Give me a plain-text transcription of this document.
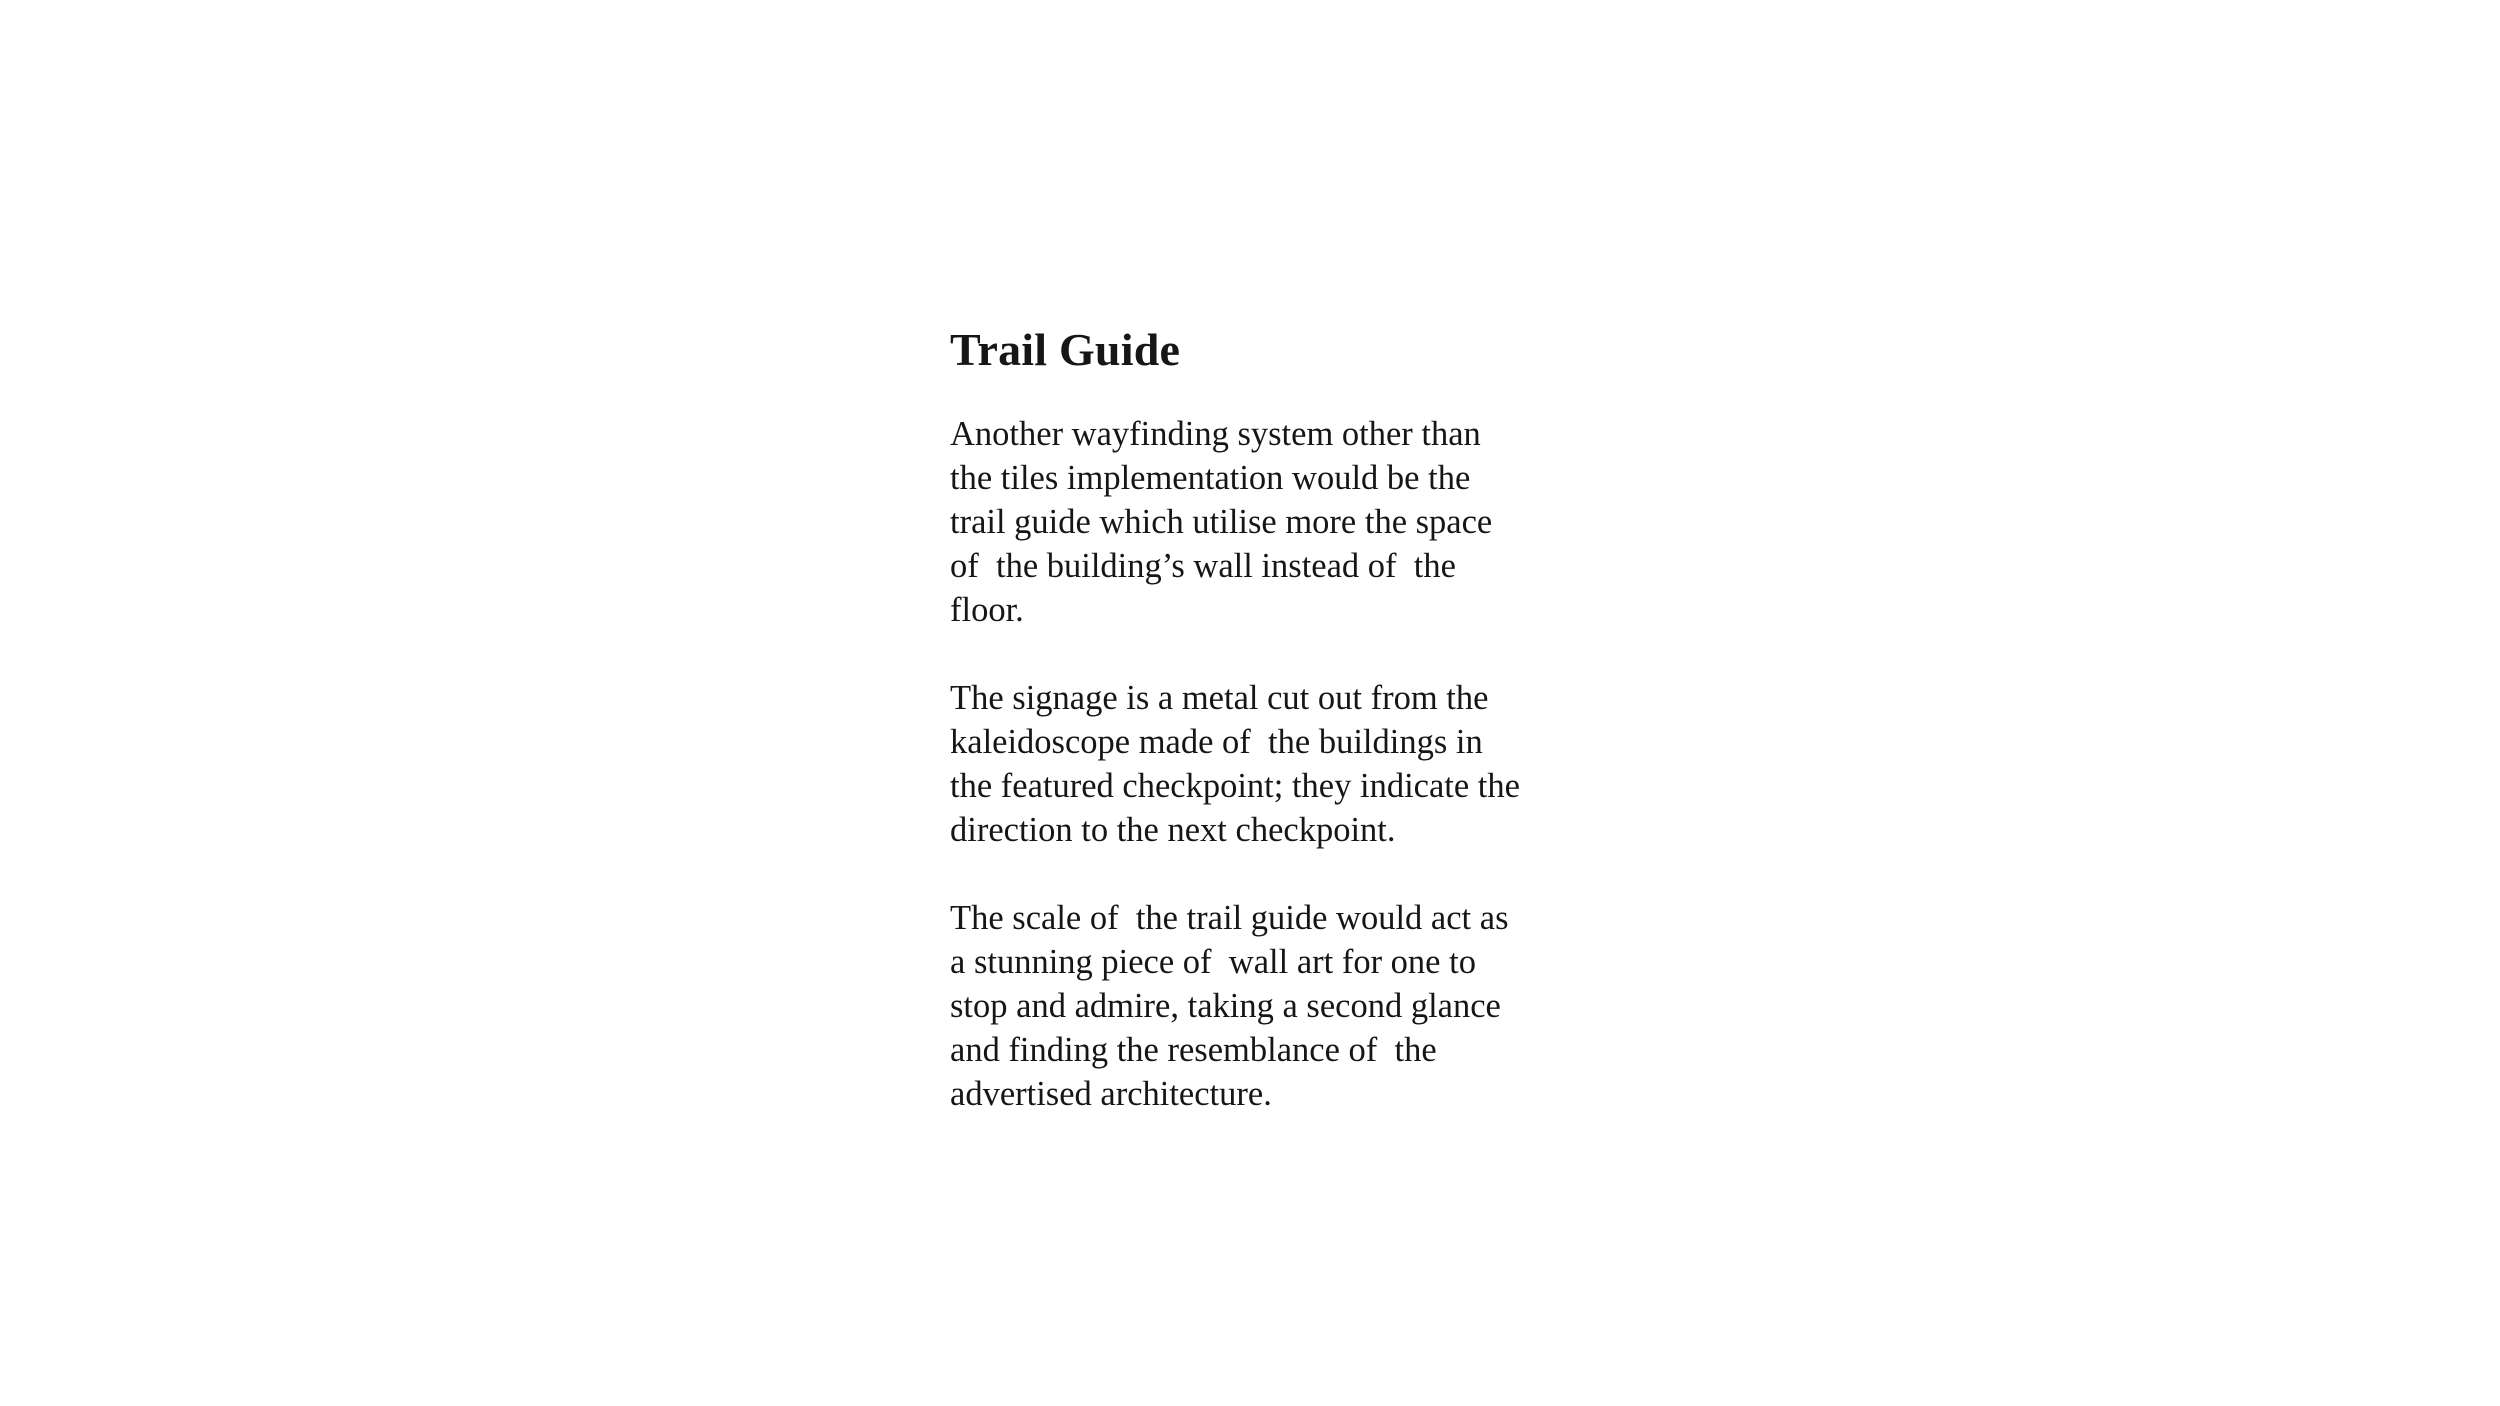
Trail Guide

Another wayfinding system other than
the tiles implementation would be the
trail guide which utilise more the space
of  the building’s wall instead of  the
floor.

The signage is a metal cut out from the
kaleidoscope made of  the buildings in
the featured checkpoint; they indicate the
direction to the next checkpoint.

The scale of  the trail guide would act as
a stunning piece of  wall art for one to
stop and admire, taking a second glance
and finding the resemblance of  the
advertised architecture.
